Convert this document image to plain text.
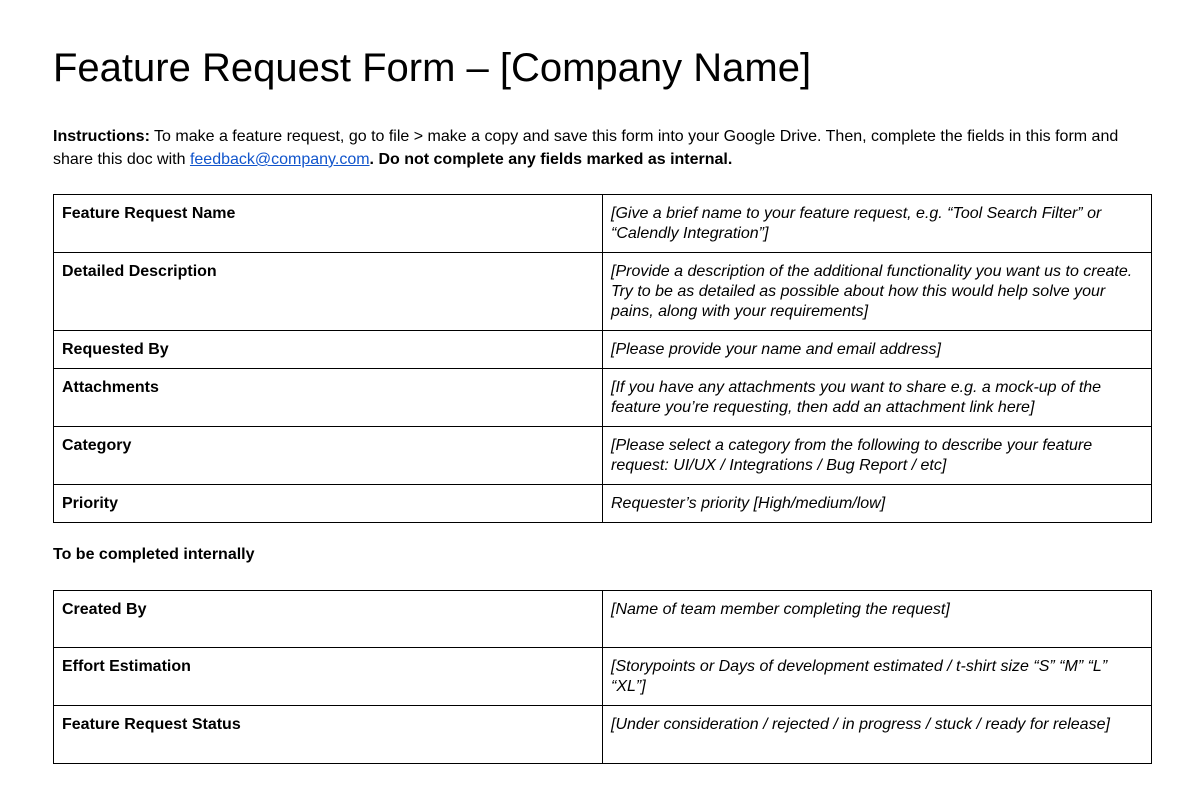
Feature Request Form – [Company Name]
Instructions: To make a feature request, go to file > make a copy and save this form into your Google Drive. Then, complete the fields in this form and share this doc with feedback@company.com. Do not complete any fields marked as internal.
Feature Request Name	[Give a brief name to your feature request, e.g. “Tool Search Filter” or “Calendly Integration”]
Detailed Description	[Provide a description of the additional functionality you want us to create. Try to be as detailed as possible about how this would help solve your pains, along with your requirements]
Requested By	[Please provide your name and email address]
Attachments	[If you have any attachments you want to share e.g. a mock-up of the feature you’re requesting, then add an attachment link here]
Category	[Please select a category from the following to describe your feature request: UI/UX / Integrations / Bug Report / etc]
Priority	Requester’s priority [High/medium/low]
To be completed internally
Created By	[Name of team member completing the request]
Effort Estimation	[Storypoints or Days of development estimated / t-shirt size “S” “M” “L” “XL”]
Feature Request Status	[Under consideration / rejected / in progress / stuck / ready for release]
